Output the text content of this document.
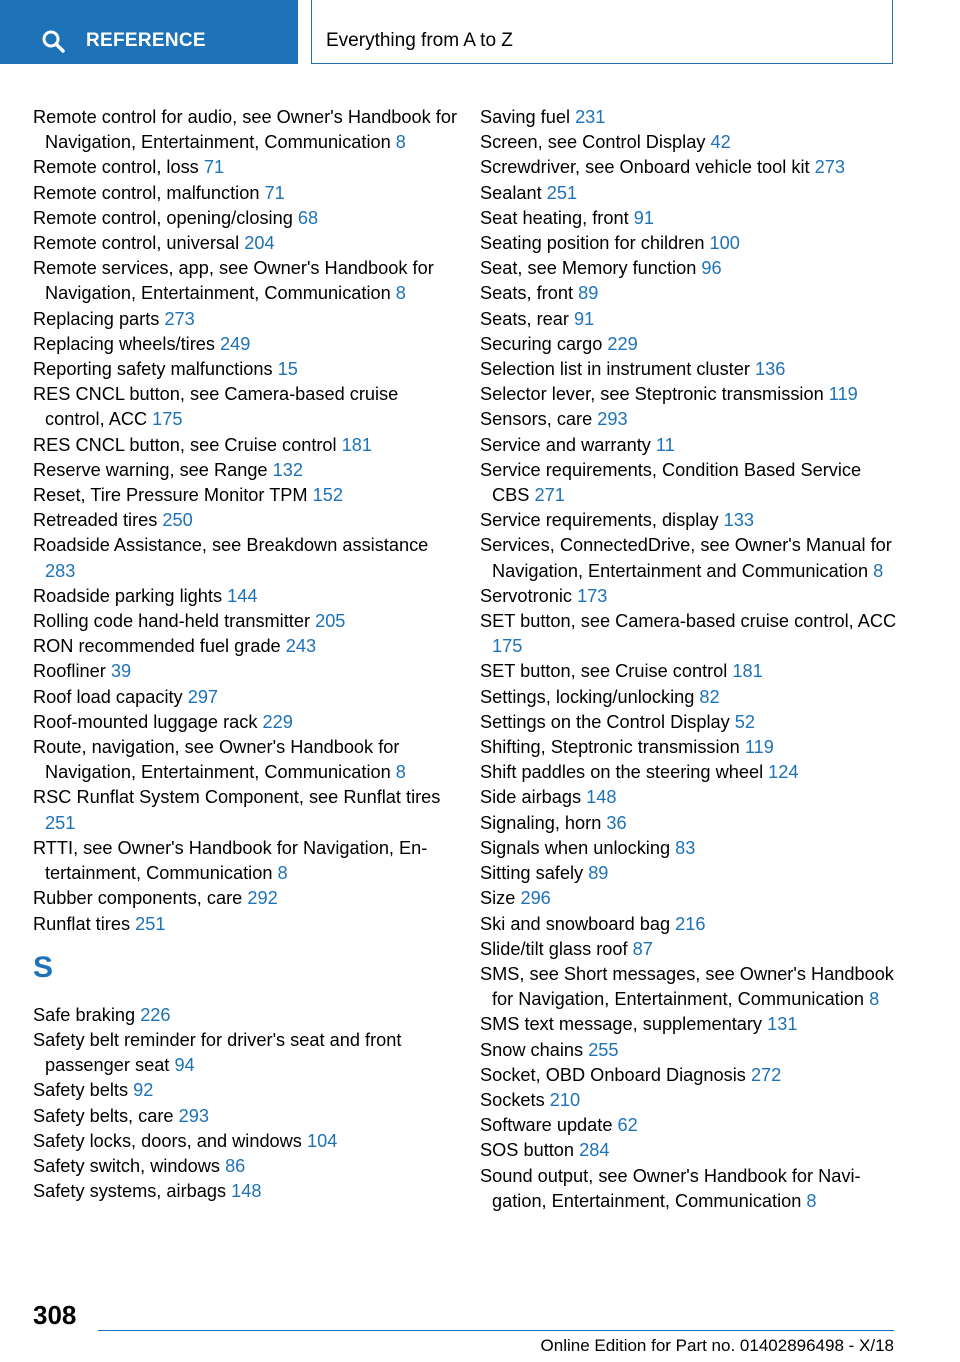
REFERENCE	Everything from A to Z
Remote control for audio, see Owner's Handbook for Navigation, Entertainment, Communication 8
Remote control, loss 71
Remote control, malfunction 71
Remote control, opening/closing 68
Remote control, universal 204
Remote services, app, see Owner's Handbook for Navigation, Entertainment, Communication 8
Replacing parts 273
Replacing wheels/tires 249
Reporting safety malfunctions 15
RES CNCL button, see Camera-based cruise control, ACC 175
RES CNCL button, see Cruise control 181
Reserve warning, see Range 132
Reset, Tire Pressure Monitor TPM 152
Retreaded tires 250
Roadside Assistance, see Breakdown assistance 283
Roadside parking lights 144
Rolling code hand-held transmitter 205
RON recommended fuel grade 243
Roofliner 39
Roof load capacity 297
Roof-mounted luggage rack 229
Route, navigation, see Owner's Handbook for Navigation, Entertainment, Communication 8
RSC Runflat System Component, see Runflat tires 251
RTTI, see Owner's Handbook for Navigation, Entertainment, Communication 8
Rubber components, care 292
Runflat tires 251
S
Safe braking 226
Safety belt reminder for driver's seat and front passenger seat 94
Safety belts 92
Safety belts, care 293
Safety locks, doors, and windows 104
Safety switch, windows 86
Safety systems, airbags 148
Saving fuel 231
Screen, see Control Display 42
Screwdriver, see Onboard vehicle tool kit 273
Sealant 251
Seat heating, front 91
Seating position for children 100
Seat, see Memory function 96
Seats, front 89
Seats, rear 91
Securing cargo 229
Selection list in instrument cluster 136
Selector lever, see Steptronic transmission 119
Sensors, care 293
Service and warranty 11
Service requirements, Condition Based Service CBS 271
Service requirements, display 133
Services, ConnectedDrive, see Owner's Manual for Navigation, Entertainment and Communication 8
Servotronic 173
SET button, see Camera-based cruise control, ACC 175
SET button, see Cruise control 181
Settings, locking/unlocking 82
Settings on the Control Display 52
Shifting, Steptronic transmission 119
Shift paddles on the steering wheel 124
Side airbags 148
Signaling, horn 36
Signals when unlocking 83
Sitting safely 89
Size 296
Ski and snowboard bag 216
Slide/tilt glass roof 87
SMS, see Short messages, see Owner's Handbook for Navigation, Entertainment, Communication 8
SMS text message, supplementary 131
Snow chains 255
Socket, OBD Onboard Diagnosis 272
Sockets 210
Software update 62
SOS button 284
Sound output, see Owner's Handbook for Navigation, Entertainment, Communication 8
308
Online Edition for Part no. 01402896498 - X/18
